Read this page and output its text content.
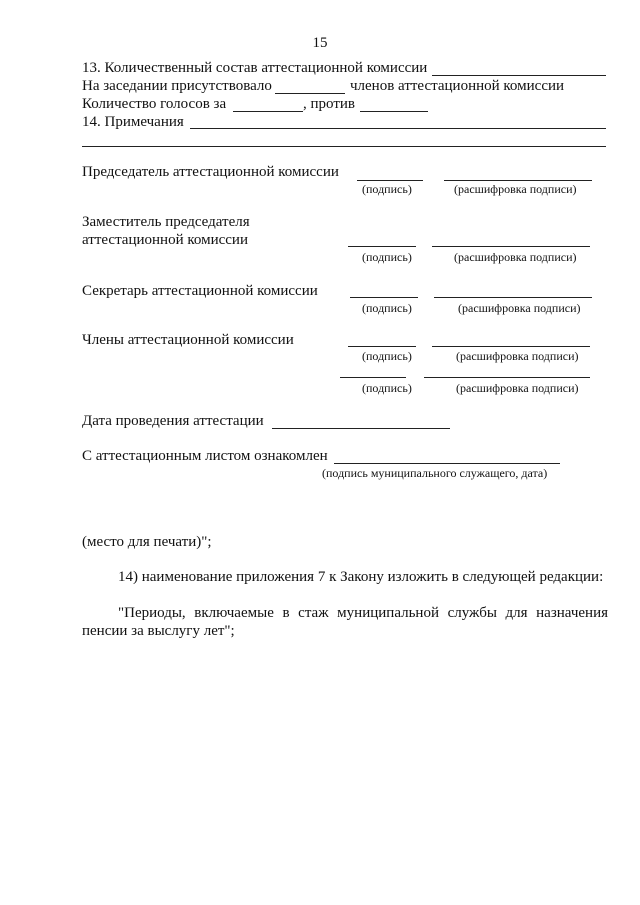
15
13. Количественный состав аттестационной комиссии
На заседании присутствовало	членов аттестационной комиссии
Количество голосов за	, против
14. Примечания
Председатель аттестационной комиссии
(подпись)	(расшифровка подписи)
Заместитель председателя
аттестационной комиссии
(подпись)	(расшифровка подписи)
Секретарь аттестационной комиссии
(подпись)	(расшифровка подписи)
Члены аттестационной комиссии
(подпись)	(расшифровка подписи)
(подпись)	(расшифровка подписи)
Дата проведения аттестации
С аттестационным листом ознакомлен
(подпись муниципального служащего, дата)
(место для печати)";
14) наименование приложения 7 к Закону изложить в следующей редакции:
"Периоды, включаемые в стаж муниципальной службы для назначения пенсии за выслугу лет";
